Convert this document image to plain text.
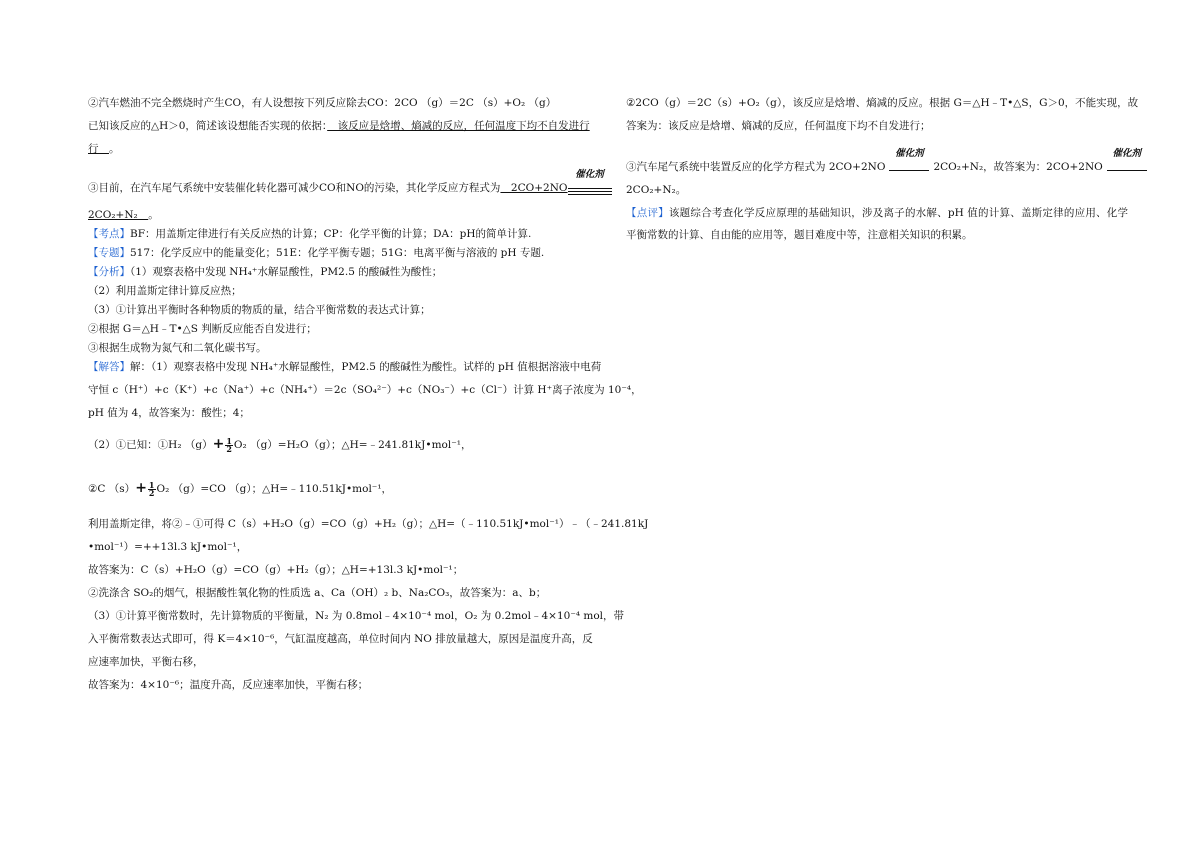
②汽车燃油不完全燃烧时产生CO，有人设想按下列反应除去CO：2CO （g）＝2C （s）+O₂ （g）

已知该反应的△H＞0，简述该设想能否实现的依据：　该反应是焓增、熵减的反应，任何温度下均不自发进行

行　。

③目前，在汽车尾气系统中安装催化转化器可减少CO和NO的污染，其化学反应方程式为　2CO+2NO
催化剂

2CO₂+N₂　。

【考点】BF：用盖斯定律进行有关反应热的计算；CP：化学平衡的计算；DA：pH的简单计算.

【专题】517：化学反应中的能量变化；51E：化学平衡专题；51G：电离平衡与溶液的 pH 专题.

【分析】（1）观察表格中发现 NH₄⁺水解显酸性，PM2.5 的酸碱性为酸性；

（2）利用盖斯定律计算反应热；

（3）①计算出平衡时各种物质的物质的量，结合平衡常数的表达式计算；

②根据 G＝△H﹣T•△S 判断反应能否自发进行；

③根据生成物为氮气和二氧化碳书写。

【解答】解：（1）观察表格中发现 NH₄⁺水解显酸性，PM2.5 的酸碱性为酸性。试样的 pH 值根据溶液中电荷

守恒 c（H⁺）+c（K⁺）+c（Na⁺）+c（NH₄⁺）＝2c（SO₄²⁻）+c（NO₃⁻）+c（Cl⁻）计算 H⁺离子浓度为 10⁻⁴，

pH 值为 4，故答案为：酸性；4；

（2）①已知：①H₂ $(g)+ \frac{1}{2} O_2$ （g）=H₂O（g）；△H=﹣241.81kJ•mol⁻¹，

②C $(s)+ \frac{1}{2} O_2$ （g）=CO （g）；△H=﹣110.51kJ•mol⁻¹，

利用盖斯定律，将②﹣①可得 C（s）+H₂O（g）=CO（g）+H₂（g）；△H=（﹣110.51kJ•mol⁻¹）﹣（﹣241.81kJ

•mol⁻¹）=++13l.3 kJ•mol⁻¹，

故答案为：C（s）+H₂O（g）=CO（g）+H₂（g）；△H=+13l.3 kJ•mol⁻¹；

②洗涤含 SO₂的烟气，根据酸性氧化物的性质选 a、Ca（OH）₂ b、Na₂CO₃，故答案为：a、b；

（3）①计算平衡常数时，先计算物质的平衡量，N₂ 为 0.8mol﹣4×10⁻⁴ mol，O₂ 为 0.2mol﹣4×10⁻⁴ mol，带

入平衡常数表达式即可，得 K＝4×10⁻⁶，气缸温度越高，单位时间内 NO 排放量越大，原因是温度升高，反

应速率加快，平衡右移，

故答案为：4×10⁻⁶；温度升高，反应速率加快，平衡右移；

②2CO（g）＝2C（s）+O₂（g），该反应是焓增、熵减的反应。根据 G＝△H﹣T•△S，G＞0，不能实现，故

答案为：该反应是焓增、熵减的反应，任何温度下均不自发进行；

③汽车尾气系统中装置反应的化学方程式为 2CO+2NO
催化剂
2CO₂+N₂，故答案为：2CO+2NO
催化剂

2CO₂+N₂。

【点评】该题综合考查化学反应原理的基础知识，涉及离子的水解、pH 值的计算、盖斯定律的应用、化学平衡常数的计算、自由能的应用等，题目难度中等，注意相关知识的积累。
